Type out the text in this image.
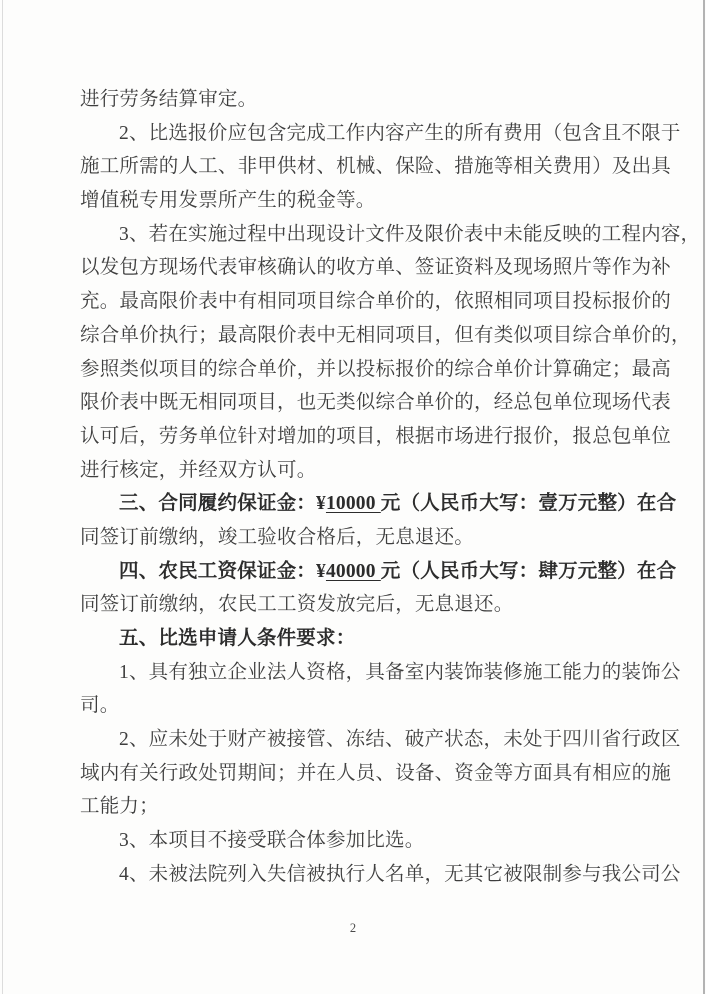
进行劳务结算审定。
2、比选报价应包含完成工作内容产生的所有费用（包含且不限于
施工所需的人工、非甲供材、机械、保险、措施等相关费用）及出具
增值税专用发票所产生的税金等。
3、若在实施过程中出现设计文件及限价表中未能反映的工程内容，
以发包方现场代表审核确认的收方单、签证资料及现场照片等作为补
充。最高限价表中有相同项目综合单价的，依照相同项目投标报价的
综合单价执行；最高限价表中无相同项目，但有类似项目综合单价的，
参照类似项目的综合单价，并以投标报价的综合单价计算确定；最高
限价表中既无相同项目，也无类似综合单价的，经总包单位现场代表
认可后，劳务单位针对增加的项目，根据市场进行报价，报总包单位
进行核定，并经双方认可。
三、合同履约保证金：¥10000 元（人民币大写：壹万元整）在合
同签订前缴纳，竣工验收合格后，无息退还。
四、农民工资保证金：¥40000 元（人民币大写：肆万元整）在合
同签订前缴纳，农民工工资发放完后，无息退还。
五、比选申请人条件要求：
1、具有独立企业法人资格，具备室内装饰装修施工能力的装饰公
司。
2、应未处于财产被接管、冻结、破产状态，未处于四川省行政区
域内有关行政处罚期间；并在人员、设备、资金等方面具有相应的施
工能力；
3、本项目不接受联合体参加比选。
4、未被法院列入失信被执行人名单，无其它被限制参与我公司公
2
